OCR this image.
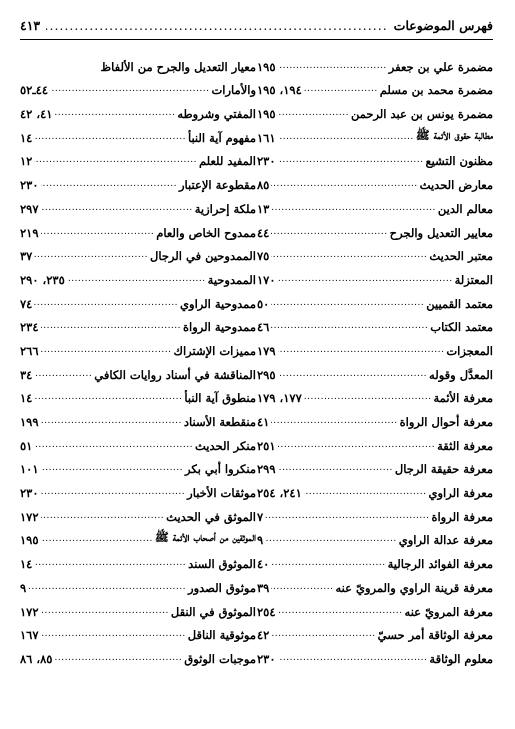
فهرس الموضوعات
.....
٤١٣
مضمرة علي بن جعفر
.....
١٩٥
مضمرة محمد بن مسلم
.....
١٩٤، ١٩٥
مضمرة يونس بن عبد الرحمن
.....
١٩٥
مطالبة حقوق الأئمة ﷺ
.....
١٦١
مظنون التشيع
.....
٢٣٠
معارض الحديث
.....
٨٥
معالم الدين
.....
١٣
معايير التعديل والجرح
.....
٤٤
معتبر الحديث
.....
٧٥
المعتزلة
.....
١٧٠
معتمد القميين
.....
٥٠
معتمد الكتاب
.....
٤٦
المعجزات
.....
١٧٩
المعدَّل وقوله
.....
٢٩٥
معرفة الأئمة
.....
١٧٧، ١٧٩
معرفة أحوال الرواة
.....
٤١
معرفة الثقة
.....
٢٥١
معرفة حقيقة الرجال
.....
٢٩٩
معرفة الراوي
.....
٢٤١، ٢٥٤
معرفة الرواة
.....
٧
معرفة عدالة الراوي
.....
٩
معرفة الفوائد الرجالية
.....
٤٠
معرفة قرينة الراوي والمرويّ عنه
.....
٣٩
معرفة المرويّ عنه
.....
٢٥٤
معرفة الوثاقة أمر حسيّ
.....
٤٢
معلوم الوثاقة
.....
٢٣٠
معيار التعديل والجرح من الألفاظ
والأمارات
.....
٤٤ـ٥٢
المفتي وشروطه
.....
٤١، ٤٢
مفهوم آية النبأ
.....
١٤
المفيد للعلم
.....
١٢
مقطوعة الإعتبار
.....
٢٣٠
ملكة إحرازية
.....
٢٩٧
ممدوح الخاص والعام
.....
٢١٩
الممدوحين في الرجال
.....
٣٧
الممدوحية
.....
٢٣٥، ٢٩٠
ممدوحية الراوي
.....
٧٤
ممدوحية الرواة
.....
٢٣٤
مميزات الإشتراك
.....
٢٦٦
المناقشة في أسناد روايات الكافي
.....
٣٤
منطوق آية النبأ
.....
١٤
منقطعة الأسناد
.....
١٩٩
منكر الحديث
.....
٥١
منكروا أبي بكر
.....
١٠١
موثقات الأخبار
.....
٢٣٠
الموثق في الحديث
.....
١٧٢
الموثقين من أصحاب الأئمة ﷺ
.....
١٩٥
الموثوق السند
.....
١٤
موثوق الصدور
.....
٩
الموثوق في النقل
.....
١٧٢
موثوقية الناقل
.....
١٦٧
موجبات الوثوق
.....
٨٥، ٨٦
